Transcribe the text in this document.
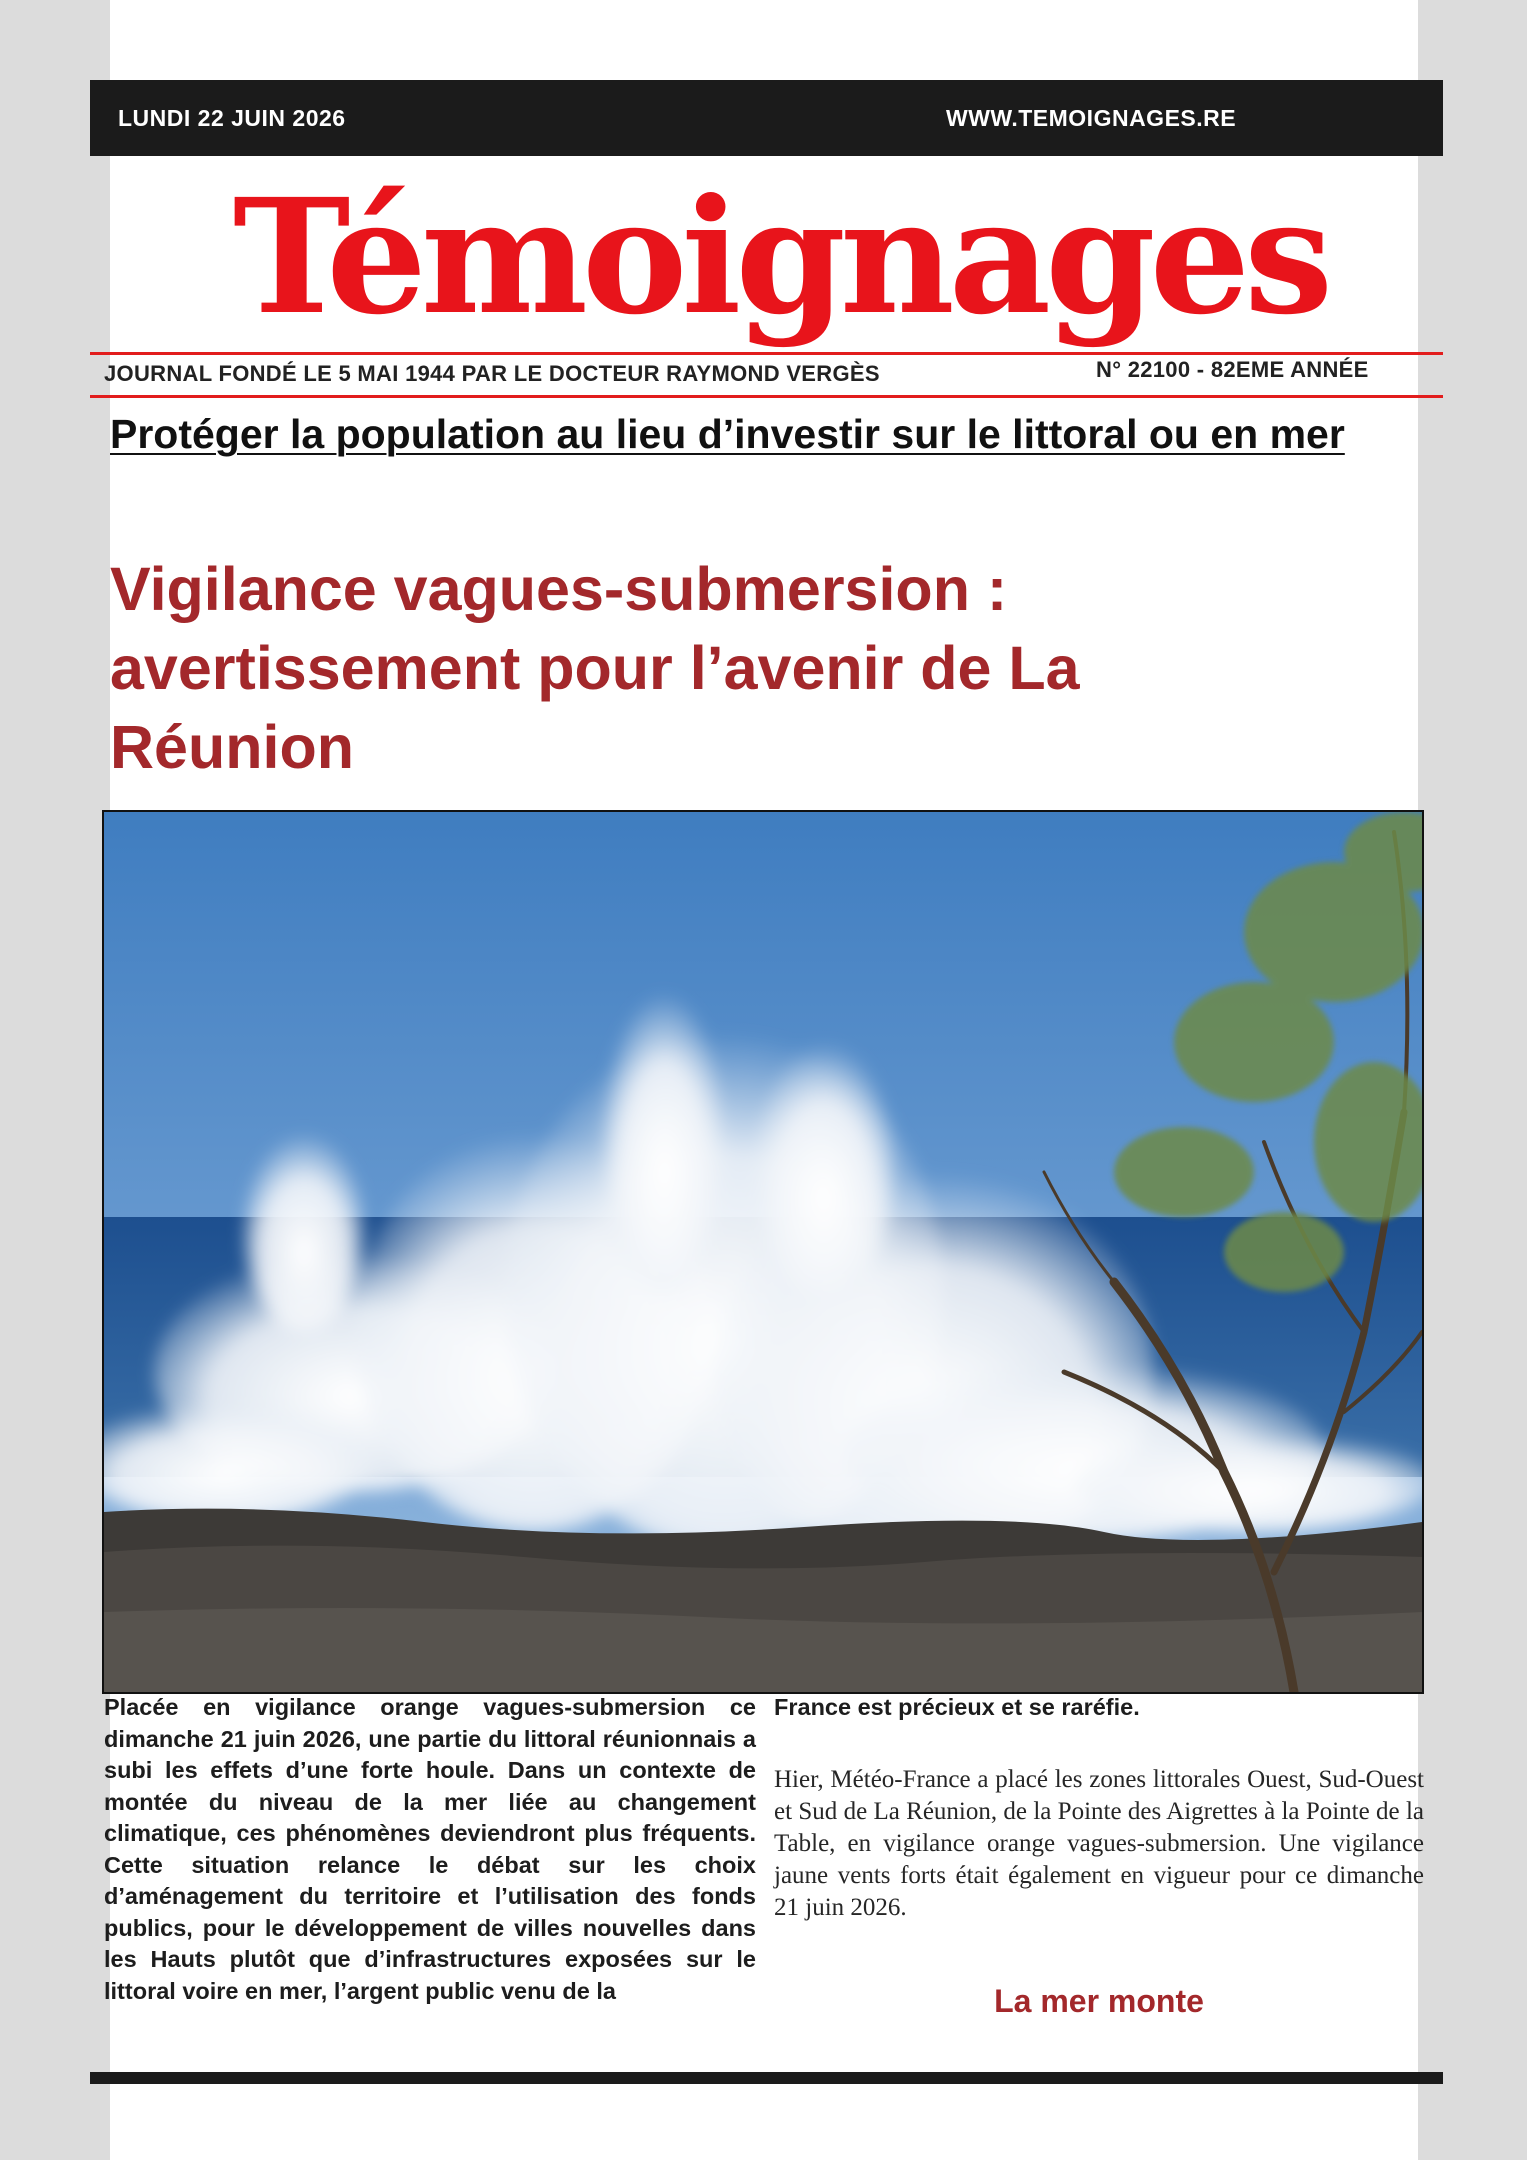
LUNDI 22 JUIN 2026	WWW.TEMOIGNAGES.RE
Témoignages
JOURNAL FONDÉ LE 5 MAI 1944 PAR LE DOCTEUR RAYMOND VERGÈS	N° 22100 - 82EME ANNÉE
Protéger la population au lieu d’investir sur le littoral ou en mer
Vigilance vagues-submersion : avertissement pour l’avenir de La Réunion
Placée en vigilance orange vagues-submersion ce dimanche 21 juin 2026, une partie du littoral réunionnais a subi les effets d’une forte houle. Dans un contexte de montée du niveau de la mer liée au changement climatique, ces phénomènes deviendront plus fréquents. Cette situation relance le débat sur les choix d’aménagement du territoire et l’utilisation des fonds publics, pour le développement de villes nouvelles dans les Hauts plutôt que d’infrastructures exposées sur le littoral voire en mer, l’argent public venu de la
France est précieux et se raréfie.
Hier, Météo-France a placé les zones littorales Ouest, Sud-Ouest et Sud de La Réunion, de la Pointe des Aigrettes à la Pointe de la Table, en vigilance orange vagues-submersion. Une vigilance jaune vents forts était également en vigueur pour ce dimanche 21 juin 2026.
La mer monte
